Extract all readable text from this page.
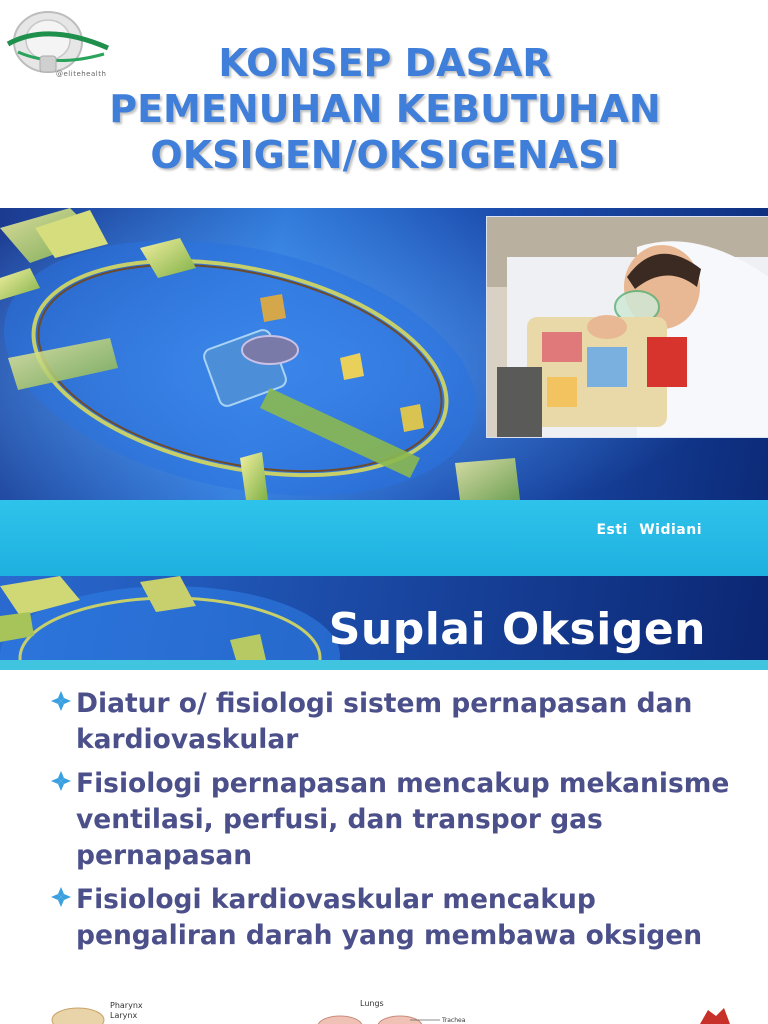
@elitehealth	KONSEP DASAR
PEMENUHAN KEBUTUHAN
OKSIGEN/OKSIGENASI
Esti Widiani
Suplai Oksigen
Diatur o/ fisiologi sistem pernapasan dan kardiovaskular
Fisiologi pernapasan mencakup mekanisme ventilasi, perfusi, dan transpor gas pernapasan
Fisiologi kardiovaskular mencakup pengaliran darah yang membawa oksigen
Pharynx
Larynx
Lungs
Trachea
